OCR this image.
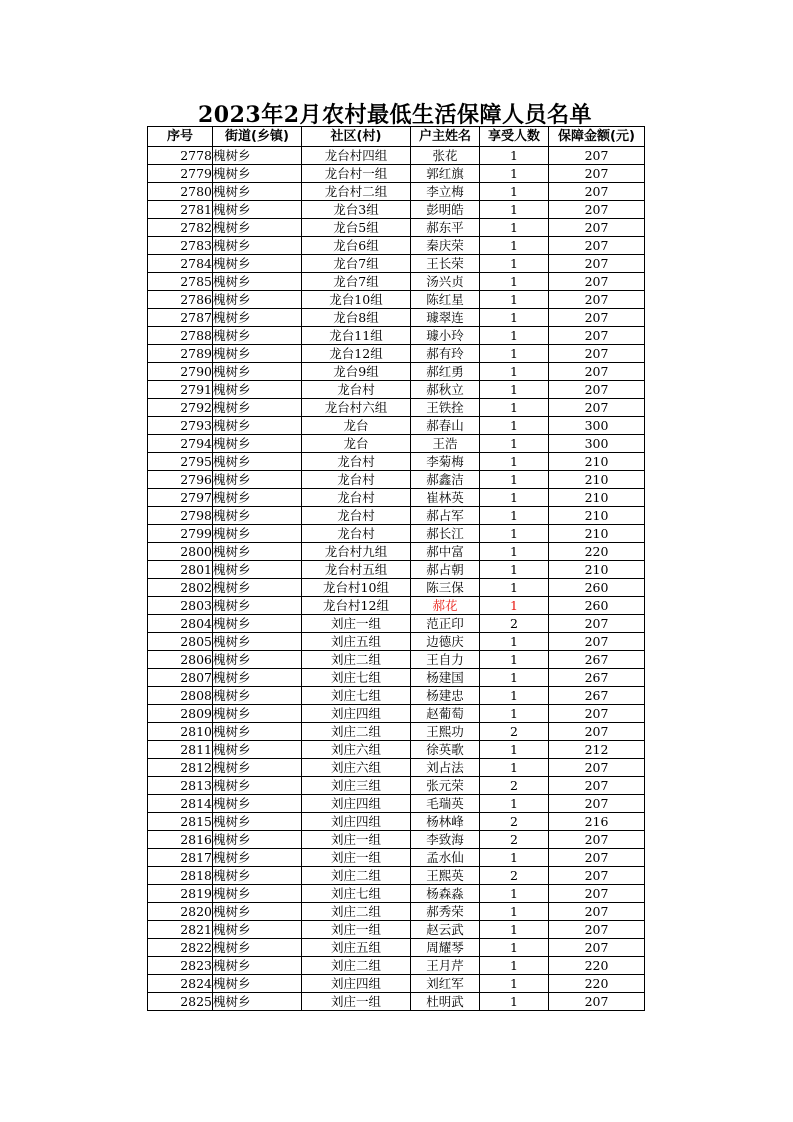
2023年2月农村最低生活保障人员名单
序号	街道(乡镇)	社区(村)	户主姓名	享受人数	保障金额(元)
2778	槐树乡	龙台村四组	张花	1	207
2779	槐树乡	龙台村一组	郭红旗	1	207
2780	槐树乡	龙台村二组	李立梅	1	207
2781	槐树乡	龙台3组	彭明皓	1	207
2782	槐树乡	龙台5组	郝东平	1	207
2783	槐树乡	龙台6组	秦庆荣	1	207
2784	槐树乡	龙台7组	王长荣	1	207
2785	槐树乡	龙台7组	汤兴贞	1	207
2786	槐树乡	龙台10组	陈红星	1	207
2787	槐树乡	龙台8组	璩翠连	1	207
2788	槐树乡	龙台11组	璩小玲	1	207
2789	槐树乡	龙台12组	郝有玲	1	207
2790	槐树乡	龙台9组	郝红勇	1	207
2791	槐树乡	龙台村	郝秋立	1	207
2792	槐树乡	龙台村六组	王铁拴	1	207
2793	槐树乡	龙台	郝春山	1	300
2794	槐树乡	龙台	王浩	1	300
2795	槐树乡	龙台村	李菊梅	1	210
2796	槐树乡	龙台村	郝鑫洁	1	210
2797	槐树乡	龙台村	崔林英	1	210
2798	槐树乡	龙台村	郝占军	1	210
2799	槐树乡	龙台村	郝长江	1	210
2800	槐树乡	龙台村九组	郝中富	1	220
2801	槐树乡	龙台村五组	郝占朝	1	210
2802	槐树乡	龙台村10组	陈三保	1	260
2803	槐树乡	龙台村12组	郝花	1	260
2804	槐树乡	刘庄一组	范正印	2	207
2805	槐树乡	刘庄五组	边德庆	1	207
2806	槐树乡	刘庄二组	王自力	1	267
2807	槐树乡	刘庄七组	杨建国	1	267
2808	槐树乡	刘庄七组	杨建忠	1	267
2809	槐树乡	刘庄四组	赵葡萄	1	207
2810	槐树乡	刘庄二组	王熙功	2	207
2811	槐树乡	刘庄六组	徐英歌	1	212
2812	槐树乡	刘庄六组	刘占法	1	207
2813	槐树乡	刘庄三组	张元荣	2	207
2814	槐树乡	刘庄四组	毛瑞英	1	207
2815	槐树乡	刘庄四组	杨林峰	2	216
2816	槐树乡	刘庄一组	李致海	2	207
2817	槐树乡	刘庄一组	孟水仙	1	207
2818	槐树乡	刘庄二组	王熙英	2	207
2819	槐树乡	刘庄七组	杨森淼	1	207
2820	槐树乡	刘庄二组	郝秀荣	1	207
2821	槐树乡	刘庄一组	赵云武	1	207
2822	槐树乡	刘庄五组	周耀琴	1	207
2823	槐树乡	刘庄二组	王月芹	1	220
2824	槐树乡	刘庄四组	刘红军	1	220
2825	槐树乡	刘庄一组	杜明武	1	207
